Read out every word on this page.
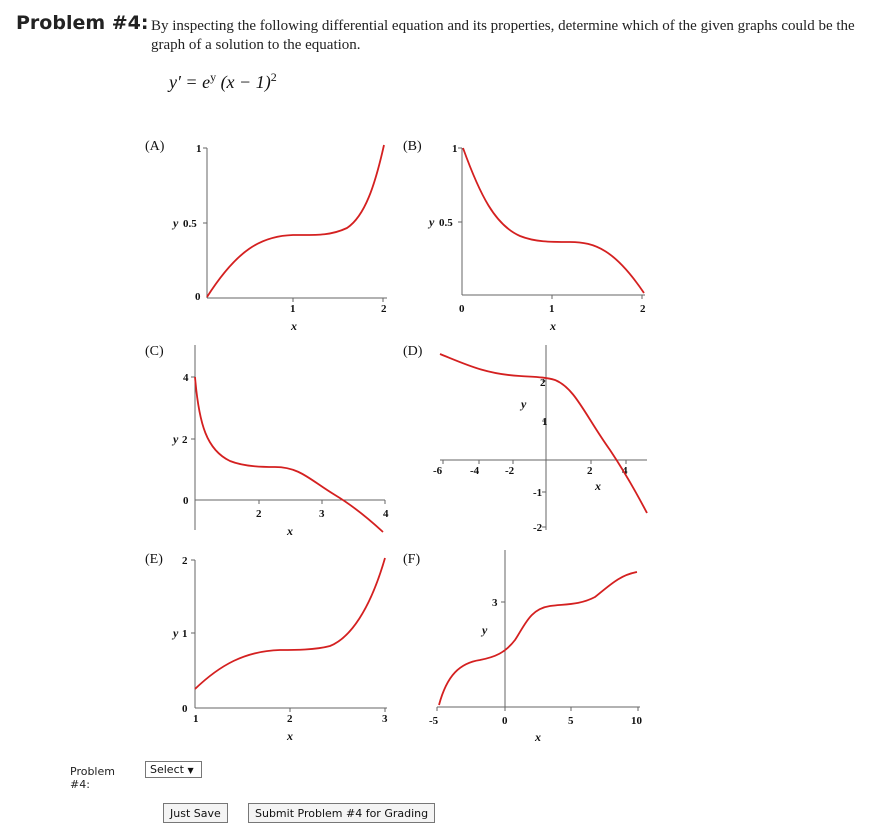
Problem #4: By inspecting the following differential equation and its properties, determine which of the given graphs could be the graph of a solution to the equation.
$y' = e^y$ $(x - 1)^2$
(A)	1
0.5
0
y
1	2
x
(B)	1
0.5
y
0	1	2
x
(C)
4
2
0
y
2	3	4
x
(D)
2
1
-1
-2
y
-6	-4 -2	2	4
x
(E) 2
1
0
y
1	2	3
x
(F)
3
y
-5	0	5	10
x
Problem #4:
Select ▼
Just Save	Submit Problem #4 for Grading
